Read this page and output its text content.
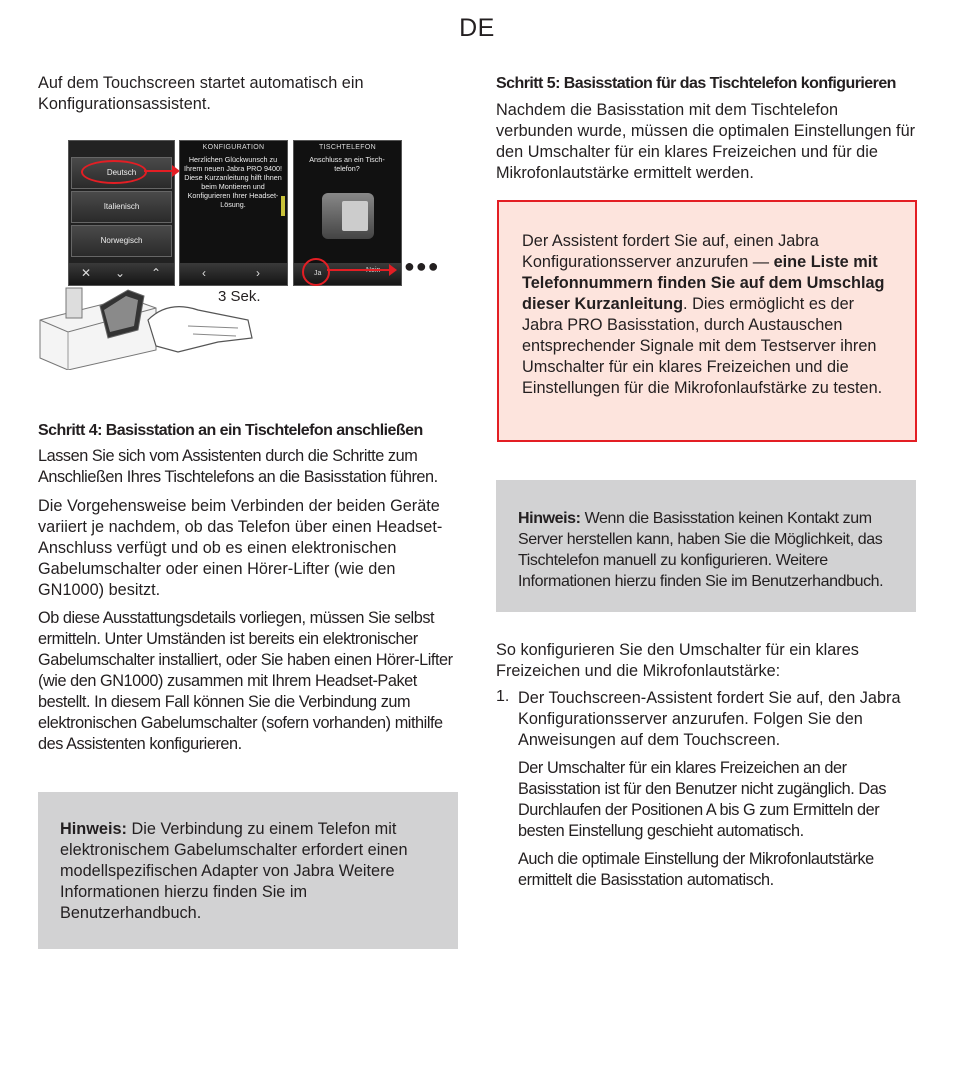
DE

Auf dem Touchscreen startet automatisch ein Konfigurationsassistent.

Deutsch
Italienisch
Norwegisch
✕ ⌄ ⌃
KONFIGURATION
Herzlichen Glückwunsch zu Ihrem neuen Jabra PRO 9400! Diese Kurzanleitung hilft Ihnen beim Montieren und Konfigurieren Ihrer Headset-Lösung.
‹	›
TISCHTELEFON
Anschluss an ein Tisch-telefon?
Ja	●●●
3 Sek.
Schritt 4: Basisstation an ein Tischtelefon anschließen

Lassen Sie sich vom Assistenten durch die Schritte zum Anschließen Ihres Tischtelefons an die Basisstation führen.

Die Vorgehensweise beim Verbinden der beiden Geräte variiert je nachdem, ob das Telefon über einen Headset-Anschluss verfügt und ob es einen elektronischen Gabelumschalter oder einen Hörer-Lifter (wie den GN1000) besitzt.

Ob diese Ausstattungsdetails vorliegen, müssen Sie selbst ermitteln. Unter Umständen ist bereits ein elektronischer Gabelumschalter installiert, oder Sie haben einen Hörer-Lifter (wie den GN1000) zusammen mit Ihrem Headset-Paket bestellt. In diesem Fall können Sie die Verbindung zum elektronischen Gabelumschalter (sofern vorhanden) mithilfe des Assistenten konfigurieren.

Hinweis: Die Verbindung zu einem Telefon mit elektronischem Gabelumschalter erfordert einen modellspezifischen Adapter von Jabra Weitere Informationen hierzu finden Sie im Benutzerhandbuch.

Schritt 5: Basisstation für das Tischtelefon konfigurieren

Nachdem die Basisstation mit dem Tischtelefon verbunden wurde, müssen die optimalen Einstellungen für den Umschalter für ein klares Freizeichen und für die Mikrofonlautstärke ermittelt werden.

Der Assistent fordert Sie auf, einen Jabra Konfigurationsserver anzurufen — eine Liste mit Telefonnummern finden Sie auf dem Umschlag dieser Kurzanleitung. Dies ermöglicht es der Jabra PRO Basisstation, durch Austauschen entsprechender Signale mit dem Testserver ihren Umschalter für ein klares Freizeichen und die Einstellungen für die Mikrofonlaufstärke zu testen.

Hinweis: Wenn die Basisstation keinen Kontakt zum Server herstellen kann, haben Sie die Möglichkeit, das Tischtelefon manuell zu konfigurieren. Weitere Informationen hierzu finden Sie im Benutzerhandbuch.

So konfigurieren Sie den Umschalter für ein klares Freizeichen und die Mikrofonlautstärke:

1. Der Touchscreen-Assistent fordert Sie auf, den Jabra Konfigurationsserver anzurufen. Folgen Sie den Anweisungen auf dem Touchscreen.

Der Umschalter für ein klares Freizeichen an der Basisstation ist für den Benutzer nicht zugänglich. Das Durchlaufen der Positionen A bis G zum Ermitteln der besten Einstellung geschieht automatisch.

Auch die optimale Einstellung der Mikrofonlautstärke ermittelt die Basisstation automatisch.
